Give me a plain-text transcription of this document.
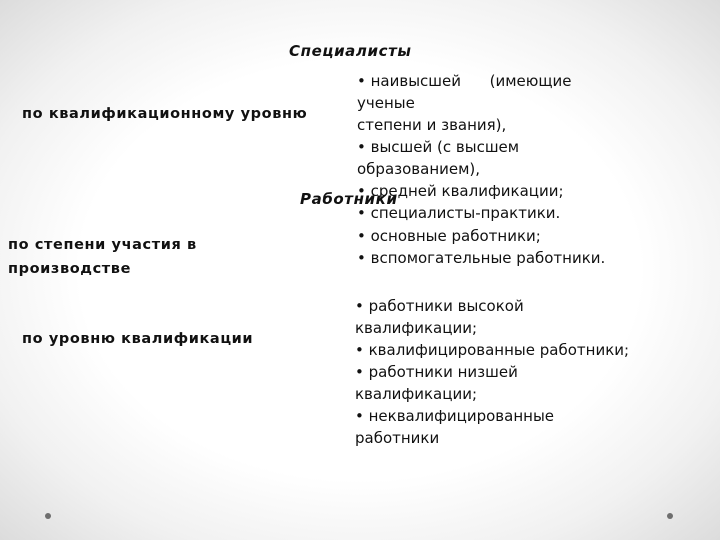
Специалисты
Работники
по квалификационному уровню
по степени участия в
производстве
по уровню квалификации
• наивысшей      (имеющие
ученые
степени и звания),
• высшей (с высшем
образованием),
• средней квалификации;
• специалисты-практики.
• основные работники;
• вспомогательные работники.
• работники высокой
квалификации;
• квалифицированные работники;
• работники низшей
квалификации;
• неквалифицированные
работники
